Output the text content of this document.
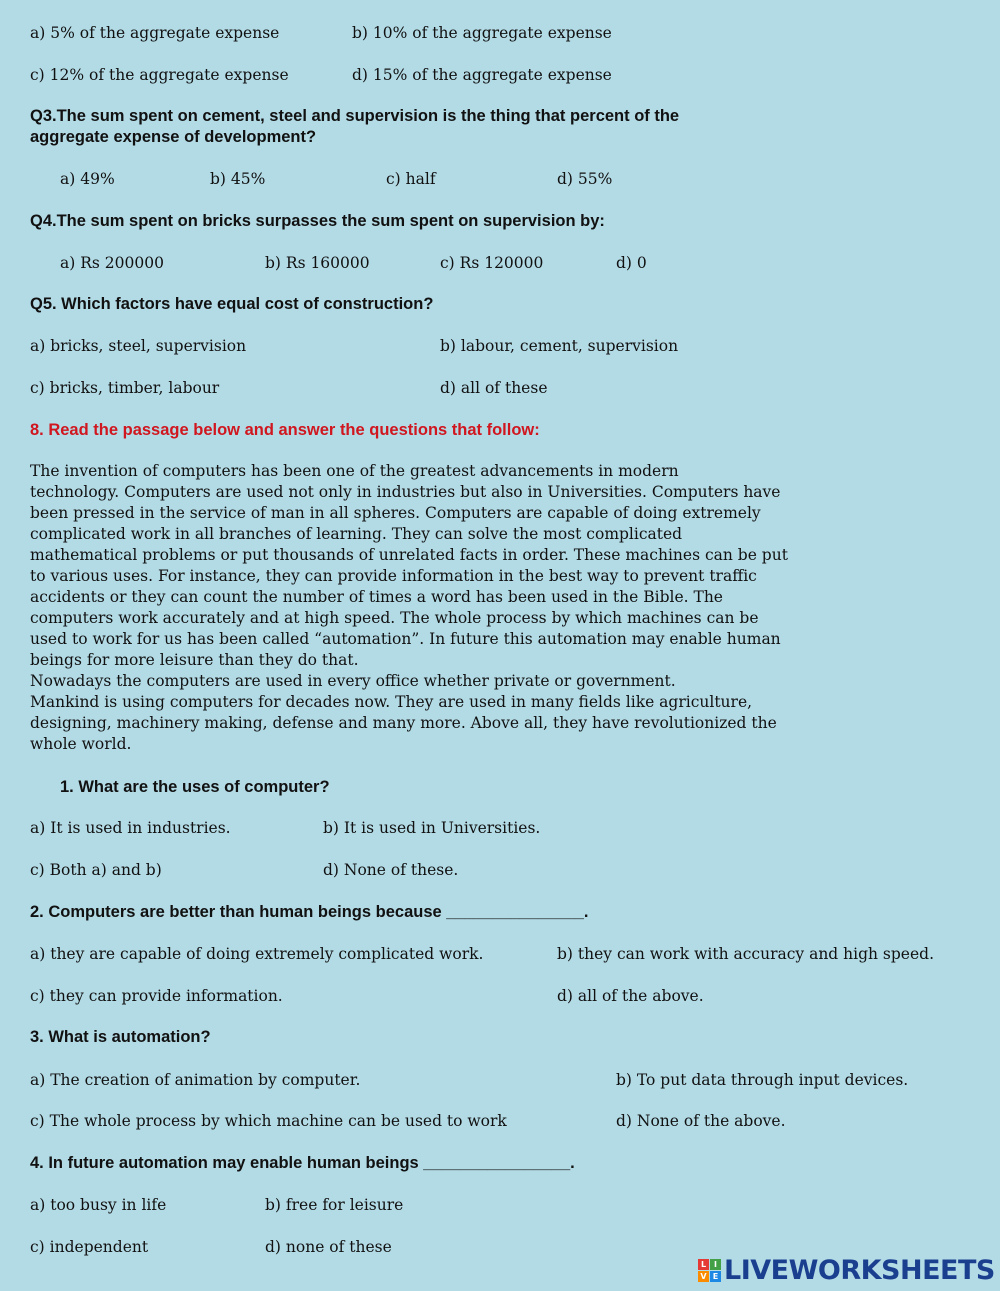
a) 5% of the aggregate expense	b) 10% of the aggregate expense
c) 12% of the aggregate expense	d) 15% of the aggregate expense
Q3.The sum spent on cement, steel and supervision is the thing that percent of the
aggregate expense of development?
a) 49%	b) 45%	c) half	d) 55%
Q4.The sum spent on bricks surpasses the sum spent on supervision by:
a) Rs 200000	b) Rs 160000	c) Rs 120000	d) 0
Q5. Which factors have equal cost of construction?
a) bricks, steel, supervision	b) labour, cement, supervision
c) bricks, timber, labour	d) all of these
8. Read the passage below and answer the questions that follow:
The invention of computers has been one of the greatest advancements in modern
technology. Computers are used not only in industries but also in Universities. Computers have
been pressed in the service of man in all spheres. Computers are capable of doing extremely
complicated work in all branches of learning. They can solve the most complicated
mathematical problems or put thousands of unrelated facts in order. These machines can be put
to various uses. For instance, they can provide information in the best way to prevent traffic
accidents or they can count the number of times a word has been used in the Bible. The
computers work accurately and at high speed. The whole process by which machines can be
used to work for us has been called “automation”. In future this automation may enable human
beings for more leisure than they do that.
Nowadays the computers are used in every office whether private or government.
Mankind is using computers for decades now. They are used in many fields like agriculture,
designing, machinery making, defense and many more. Above all, they have revolutionized the
whole world.
1. What are the uses of computer?
a) It is used in industries.	b) It is used in Universities.
c) Both a) and b)	d) None of these.
2. Computers are better than human beings because _______________.
a) they are capable of doing extremely complicated work.	b) they can work with accuracy and high speed.
c) they can provide information.	d) all of the above.
3. What is automation?
a) The creation of animation by computer.	b) To put data through input devices.
c) The whole process by which machine can be used to work	d) None of the above.
4. In future automation may enable human beings ________________.
a) too busy in life	b) free for leisure
c) independent	d) none of these
L I
V E LIVEWORKSHEETS
